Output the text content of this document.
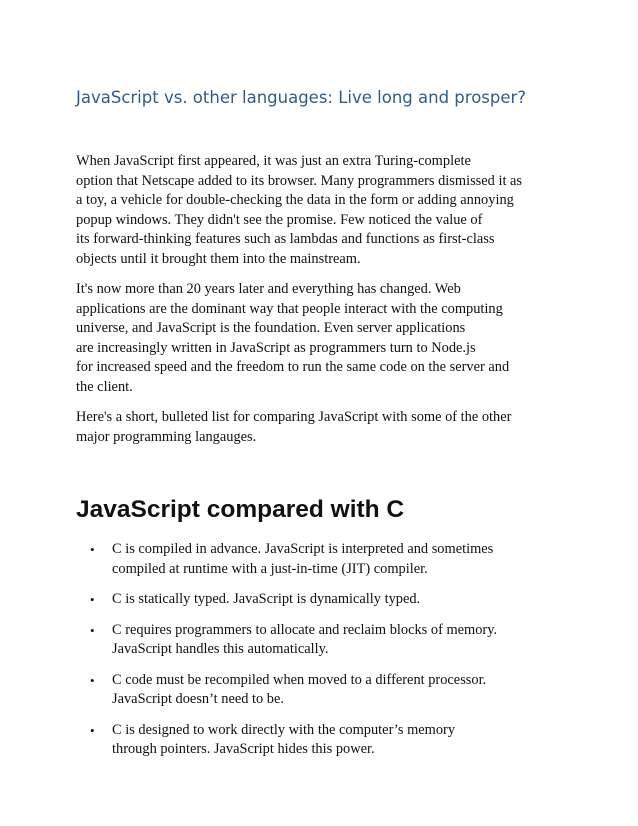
JavaScript vs. other languages: Live long and prosper?

When JavaScript first appeared, it was just an extra Turing-complete
option that Netscape added to its browser. Many programmers dismissed it as
a toy, a vehicle for double-checking the data in the form or adding annoying
popup windows. They didn't see the promise. Few noticed the value of
its forward-thinking features such as lambdas and functions as first-class
objects until it brought them into the mainstream.

It's now more than 20 years later and everything has changed. Web
applications are the dominant way that people interact with the computing
universe, and JavaScript is the foundation. Even server applications
are increasingly written in JavaScript as programmers turn to Node.js
for increased speed and the freedom to run the same code on the server and
the client.

Here's a short, bulleted list for comparing JavaScript with some of the other
major programming langauges.

JavaScript compared with C
• C is compiled in advance. JavaScript is interpreted and sometimes
compiled at runtime with a just-in-time (JIT) compiler.
• C is statically typed. JavaScript is dynamically typed.
• C requires programmers to allocate and reclaim blocks of memory.
JavaScript handles this automatically.
• C code must be recompiled when moved to a different processor.
JavaScript doesn’t need to be.
• C is designed to work directly with the computer’s memory
through pointers. JavaScript hides this power.
